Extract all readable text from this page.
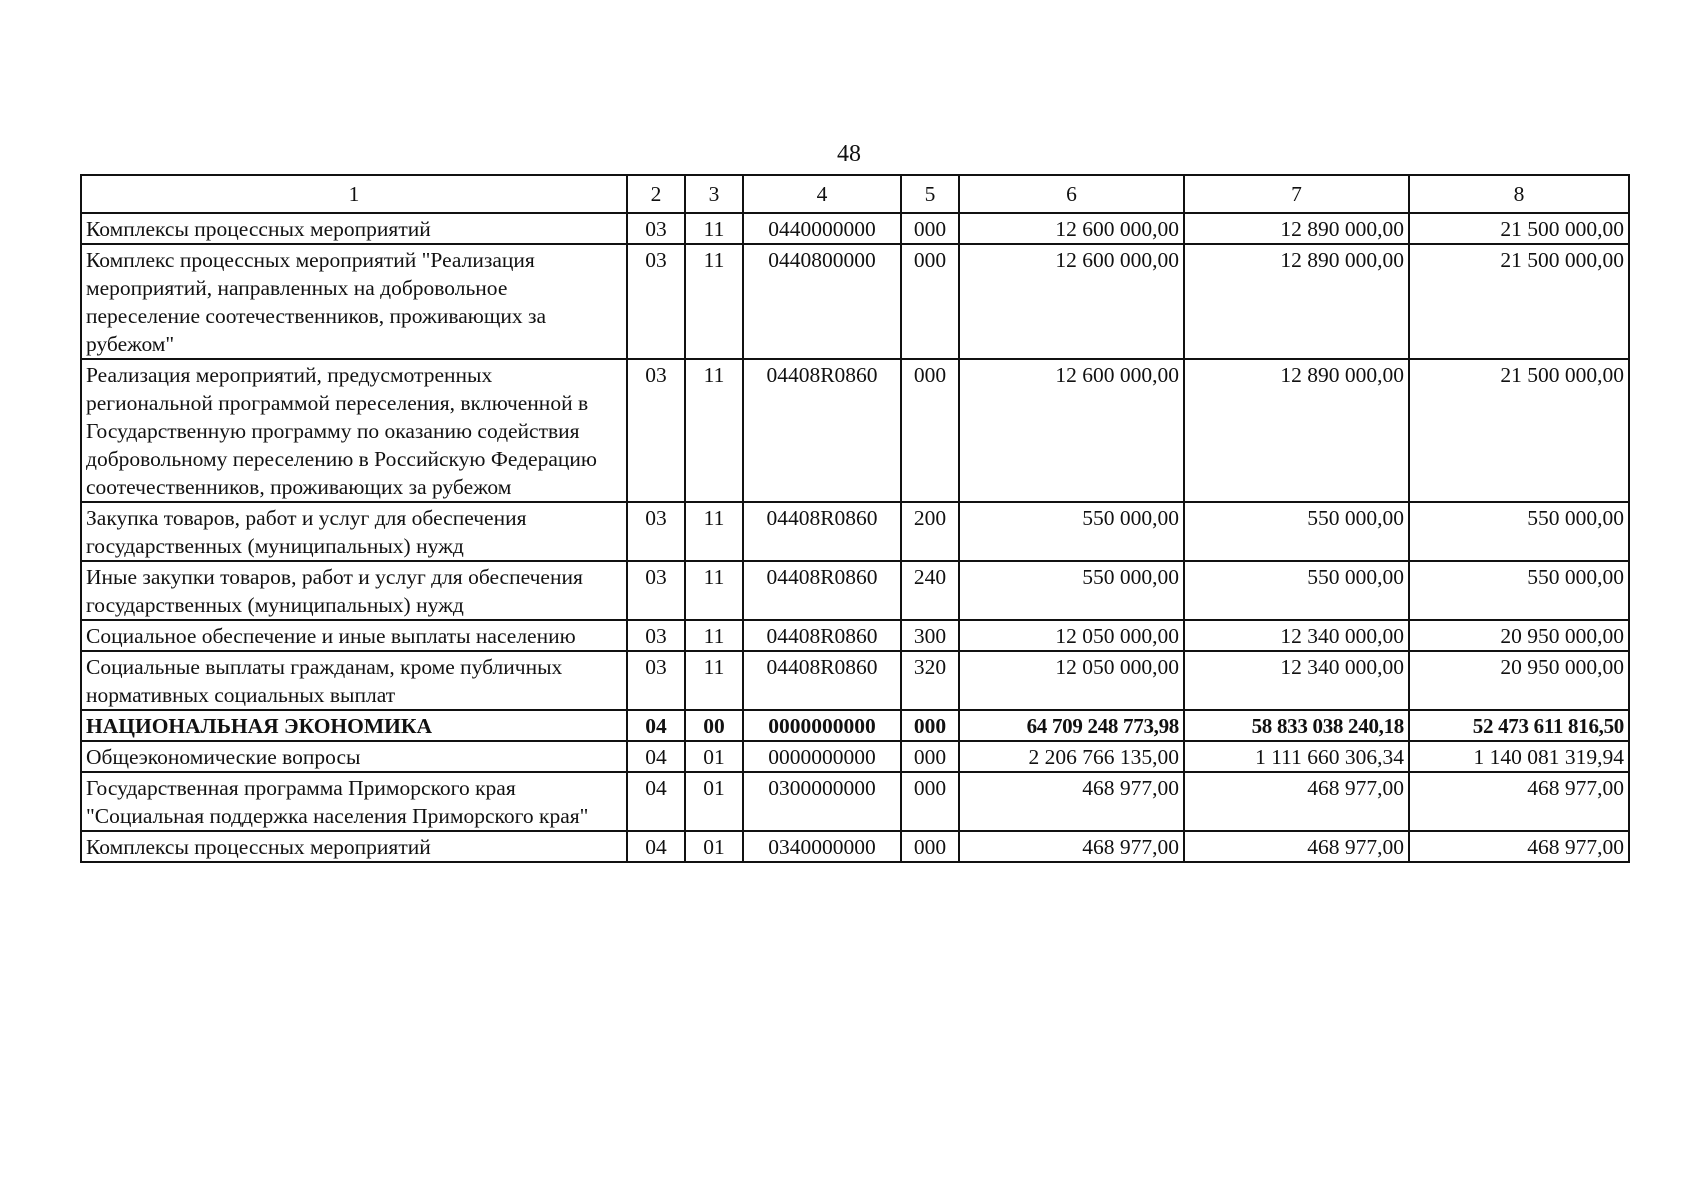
48
1	2	3	4	5	6	7	8
Комплексы процессных мероприятий	03	11	0440000000	000	12 600 000,00	12 890 000,00	21 500 000,00
Комплекс процессных мероприятий "Реализация мероприятий, направленных на добровольное переселение соотечественников, проживающих за рубежом"	03	11	0440800000	000	12 600 000,00	12 890 000,00	21 500 000,00
Реализация мероприятий, предусмотренных региональной программой переселения, включенной в Государственную программу по оказанию содействия добровольному переселению в Российскую Федерацию соотечественников, проживающих за рубежом	03	11	04408R0860	000	12 600 000,00	12 890 000,00	21 500 000,00
Закупка товаров, работ и услуг для обеспечения государственных (муниципальных) нужд	03	11	04408R0860	200	550 000,00	550 000,00	550 000,00
Иные закупки товаров, работ и услуг для обеспечения государственных (муниципальных) нужд	03	11	04408R0860	240	550 000,00	550 000,00	550 000,00
Социальное обеспечение и иные выплаты населению	03	11	04408R0860	300	12 050 000,00	12 340 000,00	20 950 000,00
Социальные выплаты гражданам, кроме публичных нормативных социальных выплат	03	11	04408R0860	320	12 050 000,00	12 340 000,00	20 950 000,00
НАЦИОНАЛЬНАЯ ЭКОНОМИКА	04	00	0000000000	000	64 709 248 773,98	58 833 038 240,18	52 473 611 816,50
Общеэкономические вопросы	04	01	0000000000	000	2 206 766 135,00	1 111 660 306,34	1 140 081 319,94
Государственная программа Приморского края "Социальная поддержка населения Приморского края"	04	01	0300000000	000	468 977,00	468 977,00	468 977,00
Комплексы процессных мероприятий	04	01	0340000000	000	468 977,00	468 977,00	468 977,00
